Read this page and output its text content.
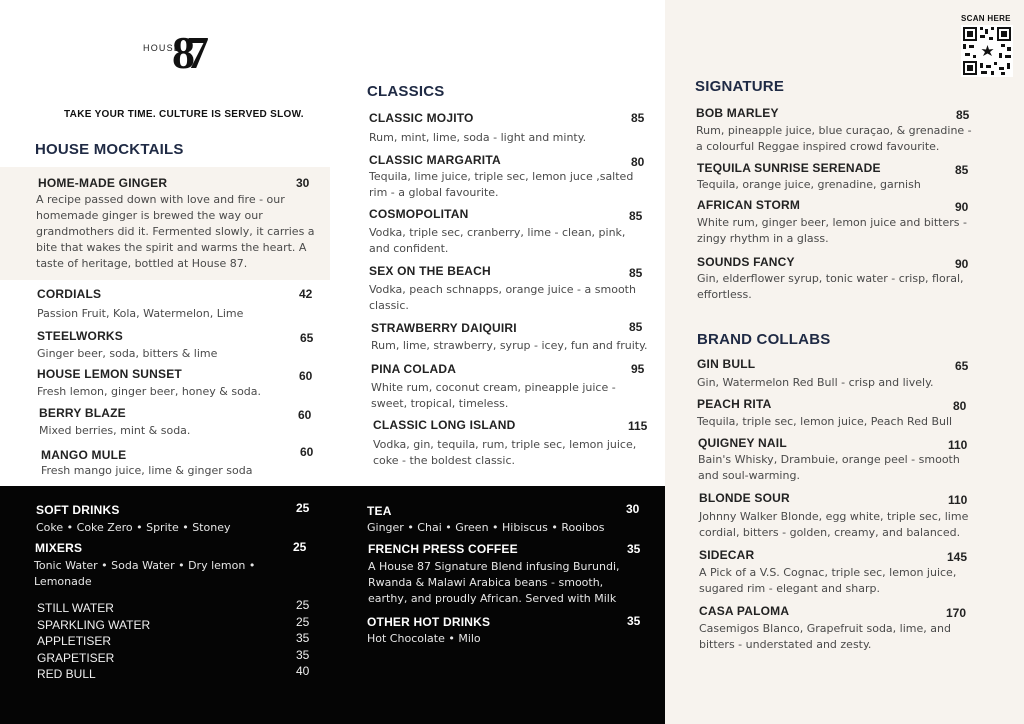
HOUSE
87
TAKE YOUR TIME. CULTURE IS SERVED SLOW.
SCAN HERE
HOUSE MOCKTAILS
HOME-MADE GINGER	30
A recipe passed down with love and fire - our homemade ginger is brewed the way our grandmothers did it. Fermented slowly, it carries a bite that wakes the spirit and warms the heart. A taste of heritage, bottled at House 87.
CORDIALS	42
Passion Fruit, Kola, Watermelon, Lime
STEELWORKS	65
Ginger beer, soda, bitters & lime
HOUSE LEMON SUNSET	60
Fresh lemon, ginger beer, honey & soda.
BERRY BLAZE	60
Mixed berries, mint & soda.
MANGO MULE	60
Fresh mango juice, lime & ginger soda
CLASSICS
CLASSIC MOJITO	85
Rum, mint, lime, soda - light and minty.
CLASSIC MARGARITA	80
Tequila, lime juice, triple sec, lemon juce ,salted rim - a global favourite.
COSMOPOLITAN	85
Vodka, triple sec, cranberry, lime - clean, pink, and confident.
SEX ON THE BEACH	85
Vodka, peach schnapps, orange juice - a smooth classic.
STRAWBERRY DAIQUIRI	85
Rum, lime, strawberry, syrup - icey, fun and fruity.
PINA COLADA	95
White rum, coconut cream, pineapple juice - sweet, tropical, timeless.
CLASSIC LONG ISLAND	115
Vodka, gin, tequila, rum, triple sec, lemon juice, coke - the boldest classic.
SIGNATURE
BOB MARLEY	85
Rum, pineapple juice, blue curaçao, & grenadine - a colourful Reggae inspired crowd favourite.
TEQUILA SUNRISE SERENADE	85
Tequila, orange juice, grenadine, garnish
AFRICAN STORM	90
White rum, ginger beer, lemon juice and bitters - zingy rhythm in a glass.
SOUNDS FANCY	90
Gin, elderflower syrup, tonic water - crisp, floral, effortless.
BRAND COLLABS
GIN BULL	65
Gin, Watermelon Red Bull - crisp and lively.
PEACH RITA	80
Tequila, triple sec, lemon juice, Peach Red Bull
QUIGNEY NAIL	110
Bain's Whisky, Drambuie, orange peel - smooth and soul-warming.
BLONDE SOUR	110
Johnny Walker Blonde, egg white, triple sec, lime cordial, bitters - golden, creamy, and balanced.
SIDECAR	145
A Pick of a V.S. Cognac, triple sec, lemon juice, sugared rim - elegant and sharp.
CASA PALOMA	170
Casemigos Blanco, Grapefruit soda, lime, and bitters - understated and zesty.
SOFT DRINKS	25
Coke • Coke Zero • Sprite • Stoney
MIXERS	25
Tonic Water • Soda Water • Dry lemon • Lemonade
STILL WATER	25
SPARKLING WATER	25
APPLETISER	35
GRAPETISER	35
RED BULL	40
TEA	30
Ginger • Chai • Green • Hibiscus • Rooibos
FRENCH PRESS COFFEE	35
A House 87 Signature Blend infusing Burundi, Rwanda & Malawi Arabica beans - smooth, earthy, and proudly African. Served with Milk
OTHER HOT DRINKS	35
Hot Chocolate • Milo
